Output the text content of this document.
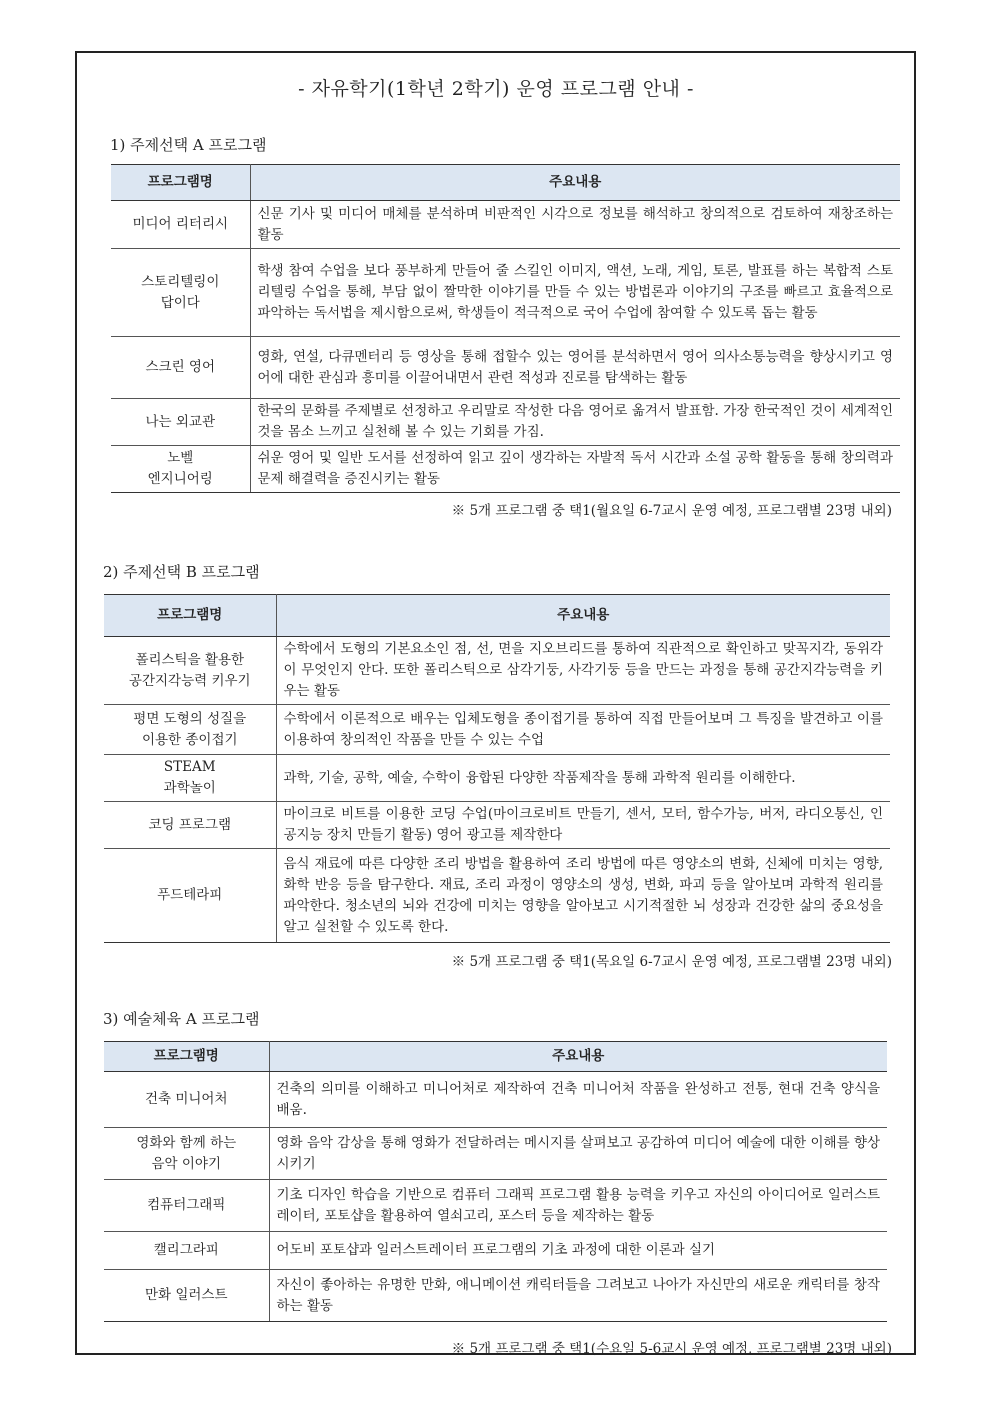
- 자유학기(1학년 2학기) 운영 프로그램 안내 -
1) 주제선택 A 프로그램
프로그램명	주요내용
미디어 리터리시	신문 기사 및 미디어 매체를 분석하며 비판적인 시각으로 정보를 해석하고 창의적으로 검토하여 재창조하는 활동
스토리텔링이
답이다	학생 참여 수업을 보다 풍부하게 만들어 줄 스킬인 이미지, 액션, 노래, 게임, 토론, 발표를 하는 복합적 스토리텔링 수업을 통해, 부담 없이 짤막한 이야기를 만들 수 있는 방법론과 이야기의 구조를 빠르고 효율적으로 파악하는 독서법을 제시함으로써, 학생들이 적극적으로 국어 수업에 참여할 수 있도록 돕는 활동
스크린 영어	영화, 연설, 다큐멘터리 등 영상을 통해 접할수 있는 영어를 분석하면서 영어 의사소통능력을 향상시키고 영어에 대한 관심과 흥미를 이끌어내면서 관련 적성과 진로를 탐색하는 활동
나는 외교관	한국의 문화를 주제별로 선정하고 우리말로 작성한 다음 영어로 옮겨서 발표함. 가장 한국적인 것이 세계적인 것을 몸소 느끼고 실천해 볼 수 있는 기회를 가짐.
노벨
엔지니어링	쉬운 영어 및 일반 도서를 선정하여 읽고 깊이 생각하는 자발적 독서 시간과 소설 공학 활동을 통해 창의력과 문제 해결력을 증진시키는 활동
※ 5개 프로그램 중 택1(월요일 6-7교시 운영 예정, 프로그램별 23명 내외)
2) 주제선택 B 프로그램
프로그램명	주요내용
폴리스틱을 활용한
공간지각능력 키우기	수학에서 도형의 기본요소인 점, 선, 면을 지오브리드를 통하여 직관적으로 확인하고 맞꼭지각, 동위각이 무엇인지 안다. 또한 폴리스틱으로 삼각기둥, 사각기둥 등을 만드는 과정을 통해 공간지각능력을 키우는 활동
평면 도형의 성질을
이용한 종이접기	수학에서 이론적으로 배우는 입체도형을 종이접기를 통하여 직접 만들어보며 그 특징을 발견하고 이를 이용하여 창의적인 작품을 만들 수 있는 수업
STEAM
과학놀이	과학, 기술, 공학, 예술, 수학이 융합된 다양한 작품제작을 통해 과학적 원리를 이해한다.
코딩 프로그램	마이크로 비트를 이용한 코딩 수업(마이크로비트 만들기, 센서, 모터, 함수가능, 버저, 라디오통신, 인공지능 장치 만들기 활동) 영어 광고를 제작한다
푸드테라피	음식 재료에 따른 다양한 조리 방법을 활용하여 조리 방법에 따른 영양소의 변화, 신체에 미치는 영향, 화학 반응 등을 탐구한다. 재료, 조리 과정이 영양소의 생성, 변화, 파괴 등을 알아보며 과학적 원리를 파악한다. 청소년의 뇌와 건강에 미치는 영향을 알아보고 시기적절한 뇌 성장과 건강한 삶의 중요성을 알고 실천할 수 있도록 한다.
※ 5개 프로그램 중 택1(목요일 6-7교시 운영 예정, 프로그램별 23명 내외)
3) 예술체육 A 프로그램
프로그램명	주요내용
건축 미니어처	건축의 의미를 이해하고 미니어처로 제작하여 건축 미니어처 작품을 완성하고 전통, 현대 건축 양식을 배움.
영화와 함께 하는
음악 이야기	영화 음악 감상을 통해 영화가 전달하려는 메시지를 살펴보고 공감하여 미디어 예술에 대한 이해를 향상시키기
컴퓨터그래픽	기초 디자인 학습을 기반으로 컴퓨터 그래픽 프로그램 활용 능력을 키우고 자신의 아이디어로 일러스트레이터, 포토샵을 활용하여 열쇠고리, 포스터 등을 제작하는 활동
캘리그라피	어도비 포토샵과 일러스트레이터 프로그램의 기초 과정에 대한 이론과 실기
만화 일러스트	자신이 좋아하는 유명한 만화, 애니메이션 캐릭터들을 그려보고 나아가 자신만의 새로운 캐릭터를 창작하는 활동
※ 5개 프로그램 중 택1(수요일 5-6교시 운영 예정, 프로그램별 23명 내외)
